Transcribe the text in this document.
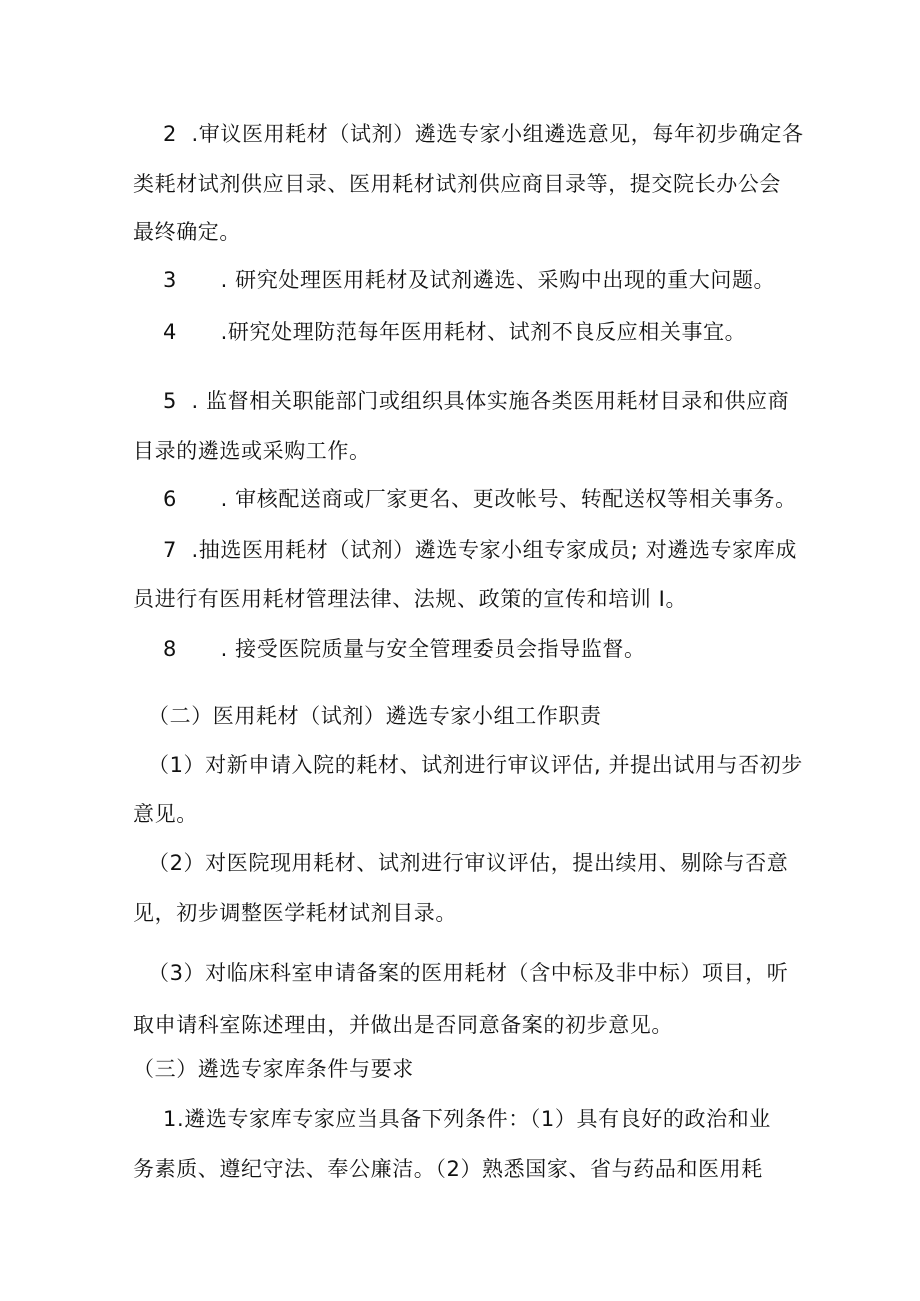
2  .审议医用耗材（试剂）遴选专家小组遴选意见，每年初步确定各
类耗材试剂供应目录、医用耗材试剂供应商目录等，提交院长办公会
最终确定。
3      . 研究处理医用耗材及试剂遴选、采购中出现的重大问题。
4      .研究处理防范每年医用耗材、试剂不良反应相关事宜。
5  . 监督相关职能部门或组织具体实施各类医用耗材目录和供应商
目录的遴选或采购工作。
6      . 审核配送商或厂家更名、更改帐号、转配送权等相关事务。
7  .抽选医用耗材（试剂）遴选专家小组专家成员; 对遴选专家库成
员进行有医用耗材管理法律、法规、政策的宣传和培训 I。
8      . 接受医院质量与安全管理委员会指导监督。
（二）医用耗材（试剂）遴选专家小组工作职责
（1）对新申请入院的耗材、试剂进行审议评估, 并提出试用与否初步
意见。
（2）对医院现用耗材、试剂进行审议评估，提出续用、剔除与否意
见，初步调整医学耗材试剂目录。
（3）对临床科室申请备案的医用耗材（含中标及非中标）项目，听
取申请科室陈述理由，并做出是否同意备案的初步意见。
（三）遴选专家库条件与要求
1.遴选专家库专家应当具备下列条件：（1）具有良好的政治和业
务素质、遵纪守法、奉公廉洁。（2）熟悉国家、省与药品和医用耗
